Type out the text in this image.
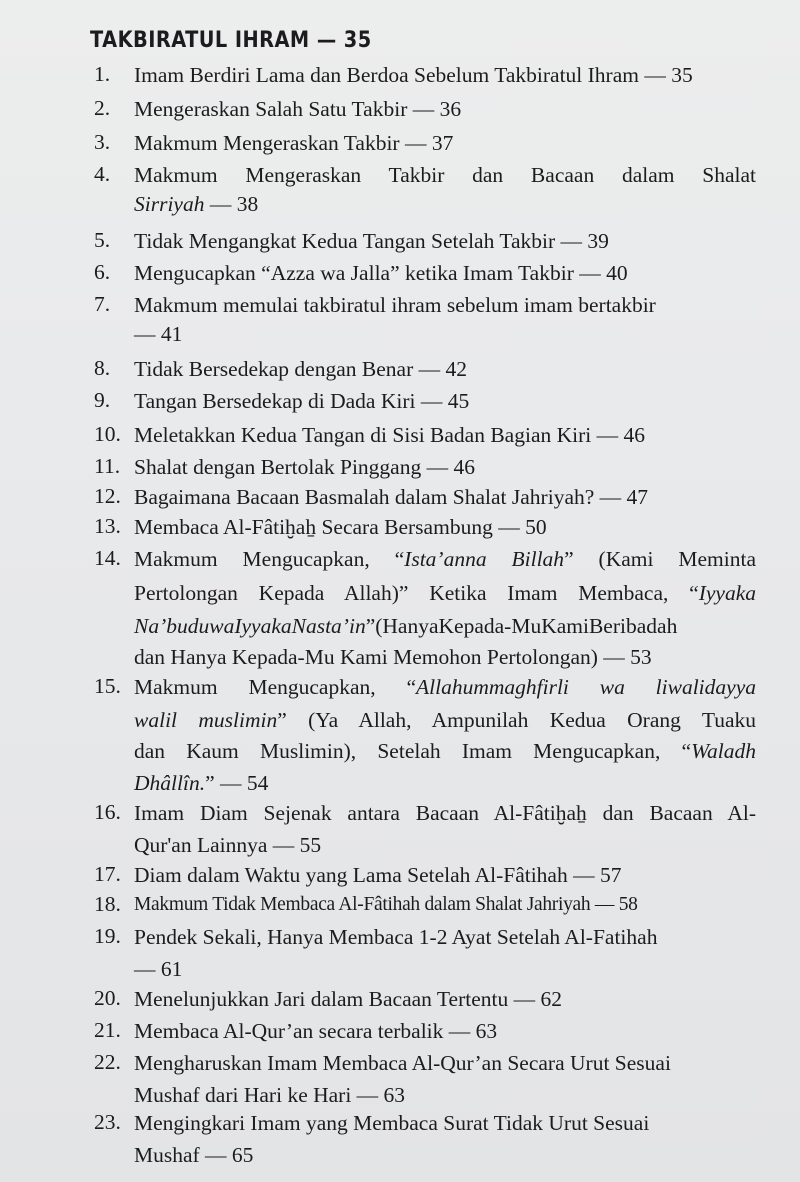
TAKBIRATUL IHRAM — 35
1.	Imam Berdiri Lama dan Berdoa Sebelum Takbiratul Ihram — 35
2.	Mengeraskan Salah Satu Takbir — 36
3.	Makmum Mengeraskan Takbir — 37
4.	Makmum Mengeraskan Takbir dan Bacaan dalam Shalat
Sirriyah — 38
5.	Tidak Mengangkat Kedua Tangan Setelah Takbir — 39
6.	Mengucapkan “Azza wa Jalla” ketika Imam Takbir — 40
7.	Makmum memulai takbiratul ihram sebelum imam bertakbir
— 41
8.	Tidak Bersedekap dengan Benar — 42
9.	Tangan Bersedekap di Dada Kiri — 45
10. Meletakkan Kedua Tangan di Sisi Badan Bagian Kiri — 46
11. Shalat dengan Bertolak Pinggang — 46
12. Bagaimana Bacaan Basmalah dalam Shalat Jahriyah? — 47
13. Membaca Al-Fâtiḫaẖ Secara Bersambung — 50
14. Makmum Mengucapkan, “Ista’anna Billah” (Kami Meminta
Pertolongan Kepada Allah)” Ketika Imam Membaca, “Iyyaka
Na’buduwaIyyakaNasta’in”(HanyaKepada-MuKamiBeribadah
dan Hanya Kepada-Mu Kami Memohon Pertolongan) — 53
15. Makmum Mengucapkan, “Allahummaghfirli wa liwalidayya
walil muslimin” (Ya Allah, Ampunilah Kedua Orang Tuaku
dan Kaum Muslimin), Setelah Imam Mengucapkan, “Waladh
Dhâllîn.” — 54
16. Imam Diam Sejenak antara Bacaan Al-Fâtiḫaẖ dan Bacaan Al-
Qur'an Lainnya — 55
17. Diam dalam Waktu yang Lama Setelah Al-Fâtihah — 57
18. Makmum Tidak Membaca Al-Fâtihah dalam Shalat Jahriyah — 58
19. Pendek Sekali, Hanya Membaca 1-2 Ayat Setelah Al-Fatihah
— 61
20. Menelunjukkan Jari dalam Bacaan Tertentu — 62
21. Membaca Al-Qur’an secara terbalik — 63
22. Mengharuskan Imam Membaca Al-Qur’an Secara Urut Sesuai
Mushaf dari Hari ke Hari — 63
23. Mengingkari Imam yang Membaca Surat Tidak Urut Sesuai
Mushaf — 65
